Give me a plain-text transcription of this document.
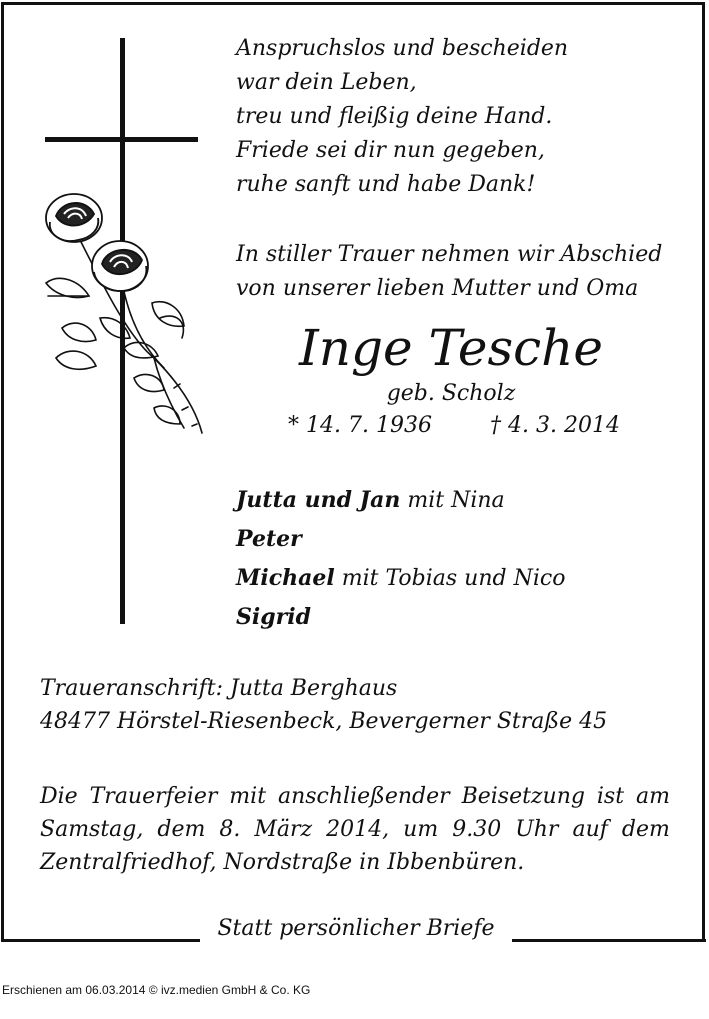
Anspruchslos und bescheiden
war dein Leben,
treu und fleißig deine Hand.
Friede sei dir nun gegeben,
ruhe sanft und habe Dank!
In stiller Trauer nehmen wir Abschied
von unserer lieben Mutter und Oma
Inge Tesche
geb. Scholz
* 14. 7. 1936	† 4. 3. 2014
Jutta und Jan mit Nina
Peter
Michael mit Tobias und Nico
Sigrid
Traueranschrift: Jutta Berghaus
48477 Hörstel-Riesenbeck, Bevergerner Straße 45
Die Trauerfeier mit anschließender Beisetzung ist am
Samstag, dem 8. März 2014, um 9.30 Uhr auf dem
Zentralfriedhof, Nordstraße in Ibbenbüren.
Statt persönlicher Briefe
Erschienen am 06.03.2014 © ivz.medien GmbH & Co. KG
